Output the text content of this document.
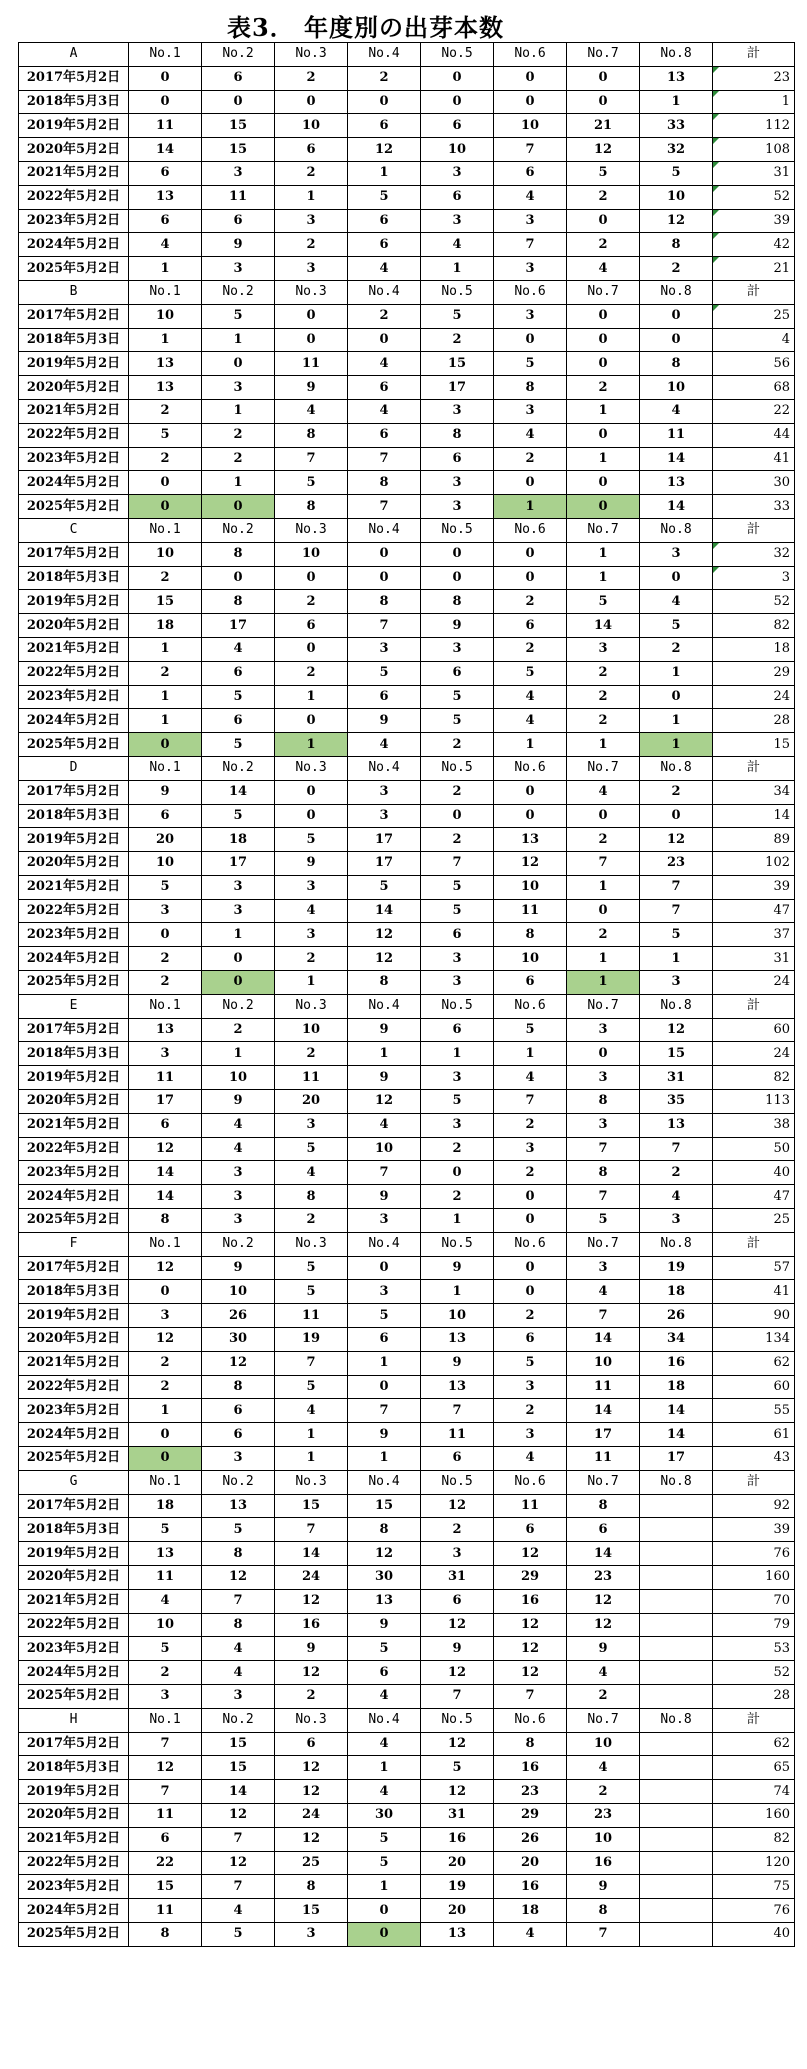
表3． 年度別の出芽本数
A	No.1	No.2	No.3	No.4	No.5	No.6	No.7	No.8	計
2017年5月2日	0	6	2	2	0	0	0	13	23
2018年5月3日	0	0	0	0	0	0	0	1	1
2019年5月2日	11	15	10	6	6	10	21	33	112
2020年5月2日	14	15	6	12	10	7	12	32	108
2021年5月2日	6	3	2	1	3	6	5	5	31
2022年5月2日	13	11	1	5	6	4	2	10	52
2023年5月2日	6	6	3	6	3	3	0	12	39
2024年5月2日	4	9	2	6	4	7	2	8	42
2025年5月2日	1	3	3	4	1	3	4	2	21
B	No.1	No.2	No.3	No.4	No.5	No.6	No.7	No.8	計
2017年5月2日	10	5	0	2	5	3	0	0	25
2018年5月3日	1	1	0	0	2	0	0	0	4
2019年5月2日	13	0	11	4	15	5	0	8	56
2020年5月2日	13	3	9	6	17	8	2	10	68
2021年5月2日	2	1	4	4	3	3	1	4	22
2022年5月2日	5	2	8	6	8	4	0	11	44
2023年5月2日	2	2	7	7	6	2	1	14	41
2024年5月2日	0	1	5	8	3	0	0	13	30
2025年5月2日	0	0	8	7	3	1	0	14	33
C	No.1	No.2	No.3	No.4	No.5	No.6	No.7	No.8	計
2017年5月2日	10	8	10	0	0	0	1	3	32
2018年5月3日	2	0	0	0	0	0	1	0	3
2019年5月2日	15	8	2	8	8	2	5	4	52
2020年5月2日	18	17	6	7	9	6	14	5	82
2021年5月2日	1	4	0	3	3	2	3	2	18
2022年5月2日	2	6	2	5	6	5	2	1	29
2023年5月2日	1	5	1	6	5	4	2	0	24
2024年5月2日	1	6	0	9	5	4	2	1	28
2025年5月2日	0	5	1	4	2	1	1	1	15
D	No.1	No.2	No.3	No.4	No.5	No.6	No.7	No.8	計
2017年5月2日	9	14	0	3	2	0	4	2	34
2018年5月3日	6	5	0	3	0	0	0	0	14
2019年5月2日	20	18	5	17	2	13	2	12	89
2020年5月2日	10	17	9	17	7	12	7	23	102
2021年5月2日	5	3	3	5	5	10	1	7	39
2022年5月2日	3	3	4	14	5	11	0	7	47
2023年5月2日	0	1	3	12	6	8	2	5	37
2024年5月2日	2	0	2	12	3	10	1	1	31
2025年5月2日	2	0	1	8	3	6	1	3	24
E	No.1	No.2	No.3	No.4	No.5	No.6	No.7	No.8	計
2017年5月2日	13	2	10	9	6	5	3	12	60
2018年5月3日	3	1	2	1	1	1	0	15	24
2019年5月2日	11	10	11	9	3	4	3	31	82
2020年5月2日	17	9	20	12	5	7	8	35	113
2021年5月2日	6	4	3	4	3	2	3	13	38
2022年5月2日	12	4	5	10	2	3	7	7	50
2023年5月2日	14	3	4	7	0	2	8	2	40
2024年5月2日	14	3	8	9	2	0	7	4	47
2025年5月2日	8	3	2	3	1	0	5	3	25
F	No.1	No.2	No.3	No.4	No.5	No.6	No.7	No.8	計
2017年5月2日	12	9	5	0	9	0	3	19	57
2018年5月3日	0	10	5	3	1	0	4	18	41
2019年5月2日	3	26	11	5	10	2	7	26	90
2020年5月2日	12	30	19	6	13	6	14	34	134
2021年5月2日	2	12	7	1	9	5	10	16	62
2022年5月2日	2	8	5	0	13	3	11	18	60
2023年5月2日	1	6	4	7	7	2	14	14	55
2024年5月2日	0	6	1	9	11	3	17	14	61
2025年5月2日	0	3	1	1	6	4	11	17	43
G	No.1	No.2	No.3	No.4	No.5	No.6	No.7	No.8	計
2017年5月2日	18	13	15	15	12	11	8		92
2018年5月3日	5	5	7	8	2	6	6		39
2019年5月2日	13	8	14	12	3	12	14		76
2020年5月2日	11	12	24	30	31	29	23		160
2021年5月2日	4	7	12	13	6	16	12		70
2022年5月2日	10	8	16	9	12	12	12		79
2023年5月2日	5	4	9	5	9	12	9		53
2024年5月2日	2	4	12	6	12	12	4		52
2025年5月2日	3	3	2	4	7	7	2		28
H	No.1	No.2	No.3	No.4	No.5	No.6	No.7	No.8	計
2017年5月2日	7	15	6	4	12	8	10		62
2018年5月3日	12	15	12	1	5	16	4		65
2019年5月2日	7	14	12	4	12	23	2		74
2020年5月2日	11	12	24	30	31	29	23		160
2021年5月2日	6	7	12	5	16	26	10		82
2022年5月2日	22	12	25	5	20	20	16		120
2023年5月2日	15	7	8	1	19	16	9		75
2024年5月2日	11	4	15	0	20	18	8		76
2025年5月2日	8	5	3	0	13	4	7		40
